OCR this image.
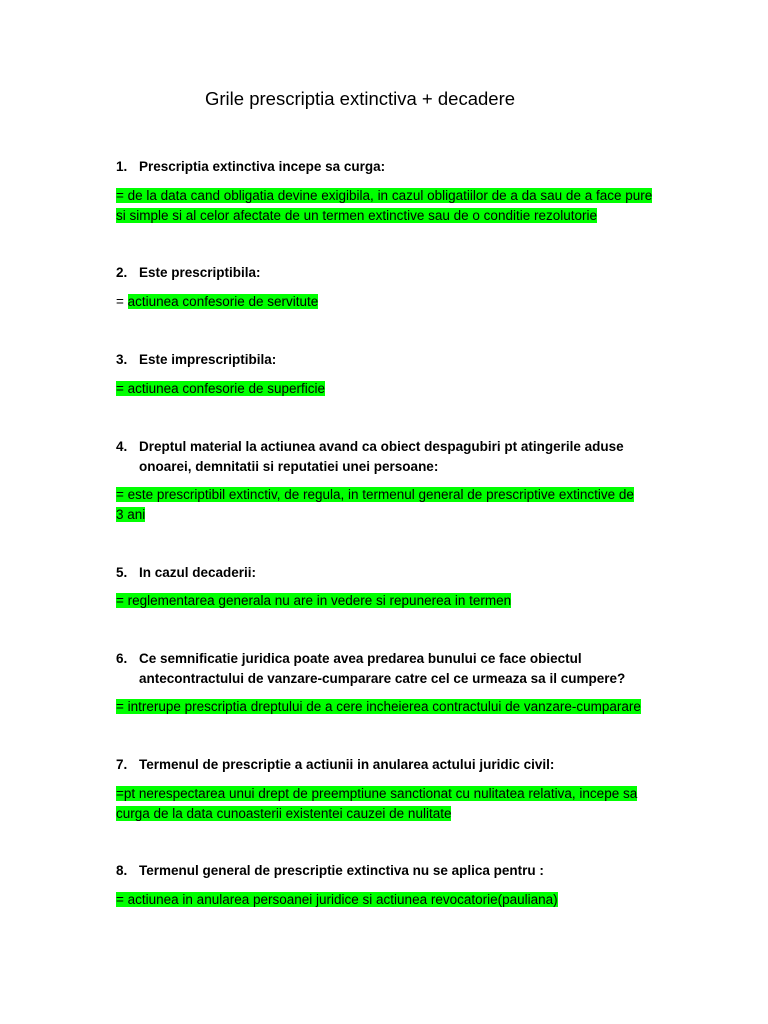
Grile prescriptia extinctiva + decadere
1. Prescriptia extinctiva incepe sa curga:
= de la data cand obligatia devine exigibila, in cazul obligatiilor de a da sau de a face pure
si simple si al celor afectate de un termen extinctive sau de o conditie rezolutorie
2. Este prescriptibila:
= actiunea confesorie de servitute
3. Este imprescriptibila:
= actiunea confesorie de superficie
4. Dreptul material la actiunea avand ca obiect despagubiri pt atingerile aduse
onoarei, demnitatii si reputatiei unei persoane:
= este prescriptibil extinctiv, de regula, in termenul general de prescriptive extinctive de
3 ani
5. In cazul decaderii:
= reglementarea generala nu are in vedere si repunerea in termen
6. Ce semnificatie juridica poate avea predarea bunului ce face obiectul
antecontractului de vanzare-cumparare catre cel ce urmeaza sa il cumpere?
= intrerupe prescriptia dreptului de a cere incheierea contractului de vanzare-cumparare
7. Termenul de prescriptie a actiunii in anularea actului juridic civil:
=pt nerespectarea unui drept de preemptiune sanctionat cu nulitatea relativa, incepe sa
curga de la data cunoasterii existentei cauzei de nulitate
8. Termenul general de prescriptie extinctiva nu se aplica pentru :
= actiunea in anularea persoanei juridice si actiunea revocatorie(pauliana)
